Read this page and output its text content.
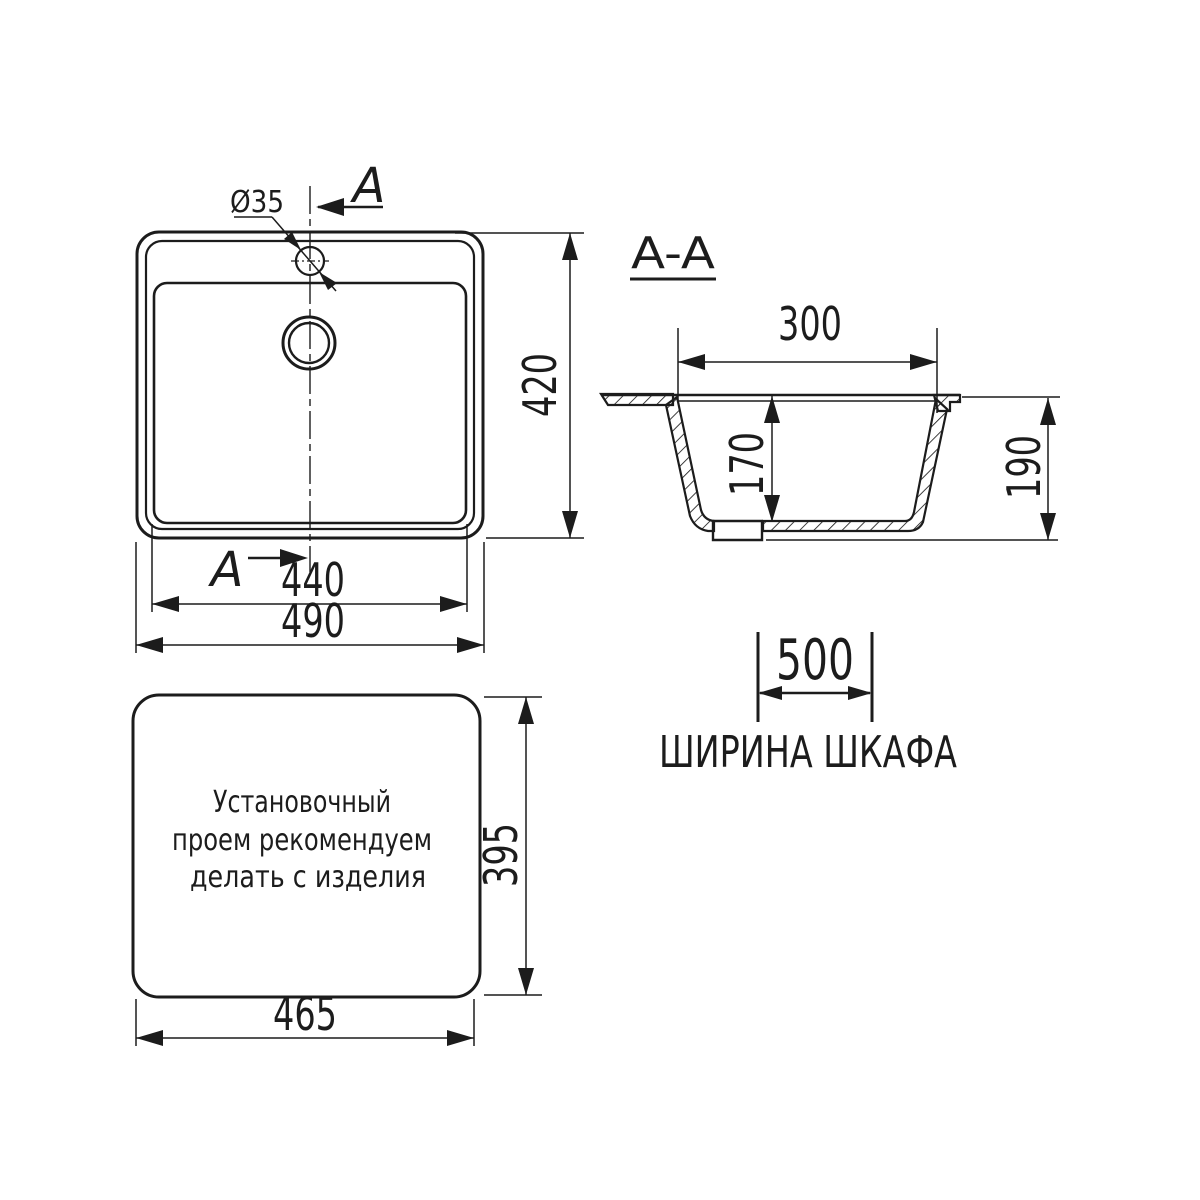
Ø35 A
A
420
440
490
A-A
300
170	190
Установочный
проем рекомендуем
делать с изделия 395
465
500
ШИРИНА ШКАФА
